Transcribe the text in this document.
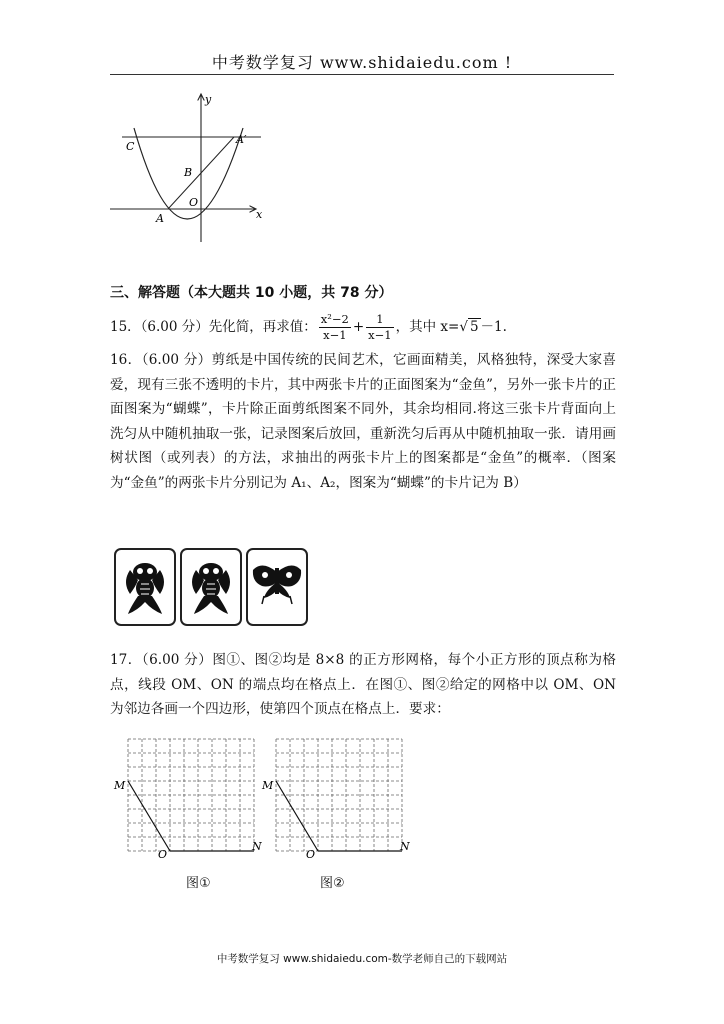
中考数学复习 www.shidaiedu.com !
y
x
C
A′
B
O
A
三、解答题（本大题共 10 小题，共 78 分）
15．（6.00 分）先化简，再求值： $\frac{\text{x²−2}}{x-1} + \frac{1}{x-1}$ ，其中 x=√ 5 －1.
16．（6.00 分）剪纸是中国传统的民间艺术，它画面精美，风格独特，深受大家喜爱，现有三张不透明的卡片，其中两张卡片的正面图案为“金鱼”，另外一张卡片的正面图案为“蝴蝶”，卡片除正面剪纸图案不同外，其余均相同.将这三张卡片背面向上洗匀从中随机抽取一张，记录图案后放回，重新洗匀后再从中随机抽取一张．请用画树状图（或列表）的方法，求抽出的两张卡片上的图案都是“金鱼”的概率．（图案为“金鱼”的两张卡片分别记为 A₁、A₂，图案为“蝴蝶”的卡片记为 B）
17．（6.00 分）图①、图②均是 8×8 的正方形网格，每个小正方形的顶点称为格点，线段 OM、ON 的端点均在格点上．在图①、图②给定的网格中以 OM、ON 为邻边各画一个四边形，使第四个顶点在格点上．要求：
M
O
N
M
O
N
图①	图②
中考数学复习 www.shidaiedu.com-数学老师自己的下载网站
